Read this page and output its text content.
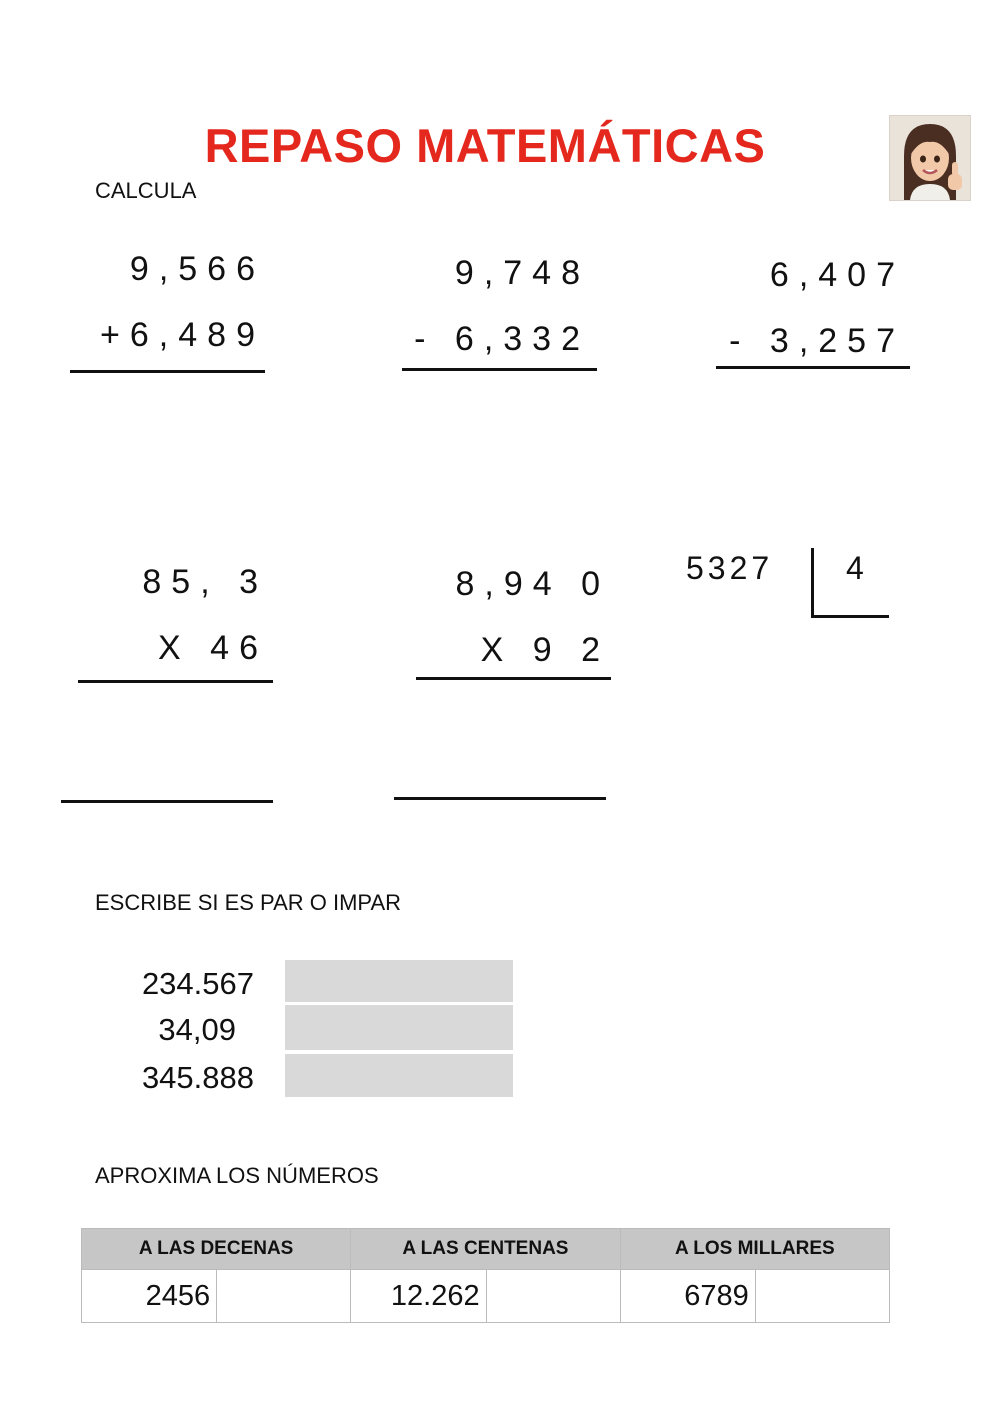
REPASO MATEMÁTICAS
CALCULA
9,566
+6,489
9,748
- 6,332
6,407
- 3,257
85, 3
X 46
8,94 0
X 9 2
5327 4
ESCRIBE SI ES PAR O IMPAR
234.567
34,09
345.888
APROXIMA LOS NÚMEROS
A LAS DECENAS		A LAS CENTENAS		A LOS MILLARES	
2456		12.262		6789	
